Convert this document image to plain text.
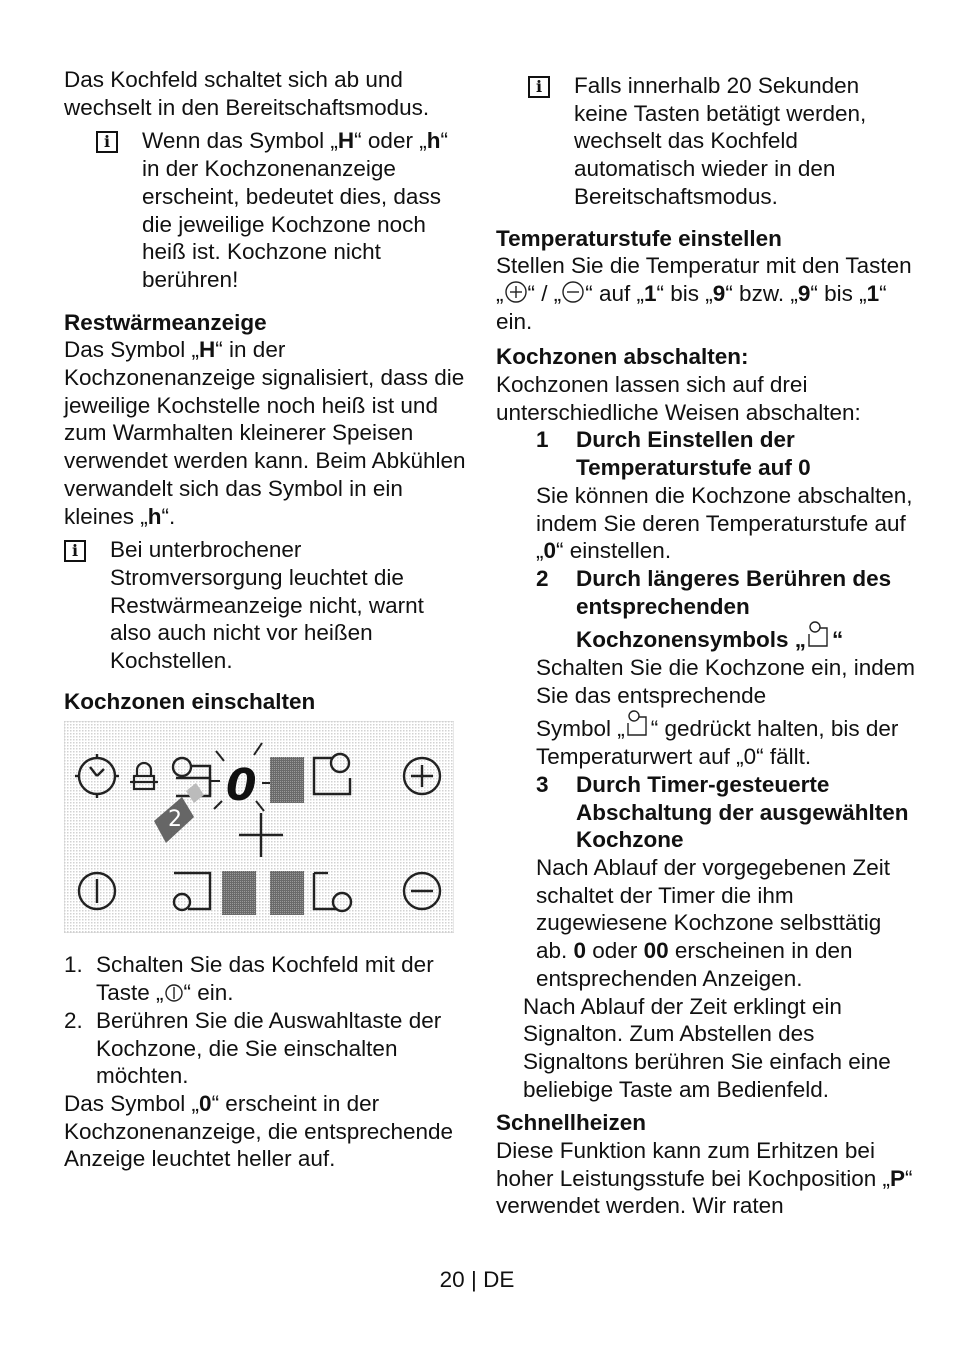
Das Kochfeld schaltet sich ab und wechselt in den Bereitschaftsmodus.

i
Wenn das Symbol „H“ oder „h“ in der Kochzonenanzeige erscheint, bedeutet dies, dass die jeweilige Kochzone noch heiß ist. Kochzone nicht berühren!

Restwärmeanzeige

Das Symbol „H“ in der Kochzonenanzeige signalisiert, dass die jeweilige Kochstelle noch heiß ist und zum Warmhalten kleinerer Speisen verwendet werden kann. Beim Abkühlen verwandelt sich das Symbol in ein kleines „h“.

i
Bei unterbrochener Stromversorgung leuchtet die Restwärmeanzeige nicht, warnt also auch nicht vor heißen Kochstellen.

Kochzonen einschalten

0
2
1. Schalten Sie das Kochfeld mit der Taste „ “ ein.
2. Berühren Sie die Auswahltaste der Kochzone, die Sie einschalten möchten.

Das Symbol „0“ erscheint in der Kochzonenanzeige, die entsprechende Anzeige leuchtet heller auf.

i
Falls innerhalb 20 Sekunden keine Tasten betätigt werden, wechselt das Kochfeld automatisch wieder in den Bereitschaftsmodus.

Temperaturstufe einstellen

Stellen Sie die Temperatur mit den Tasten „ “ / „ “ auf „1“ bis „9“ bzw. „9“ bis „1“ ein.

Kochzonen abschalten:

Kochzonen lassen sich auf drei unterschiedliche Weisen abschalten:

1 Durch Einstellen der Temperaturstufe auf 0

Sie können die Kochzone abschalten, indem Sie deren Temperaturstufe auf „0“ einstellen.

2 Durch längeres Berühren des entsprechenden
Kochzonensymbols „ “

Schalten Sie die Kochzone ein, indem Sie das entsprechende

Symbol „ “ gedrückt halten, bis der Temperaturwert auf „0“ fällt.

3 Durch Timer-gesteuerte Abschaltung der ausgewählten Kochzone

Nach Ablauf der vorgegebenen Zeit schaltet der Timer die ihm zugewiesene Kochzone selbsttätig ab. 0 oder 00 erscheinen in den entsprechenden Anzeigen.

Nach Ablauf der Zeit erklingt ein Signalton. Zum Abstellen des Signaltons berühren Sie einfach eine beliebige Taste am Bedienfeld.

Schnellheizen

Diese Funktion kann zum Erhitzen bei hoher Leistungsstufe bei Kochposition „P“ verwendet werden. Wir raten

20 | DE
